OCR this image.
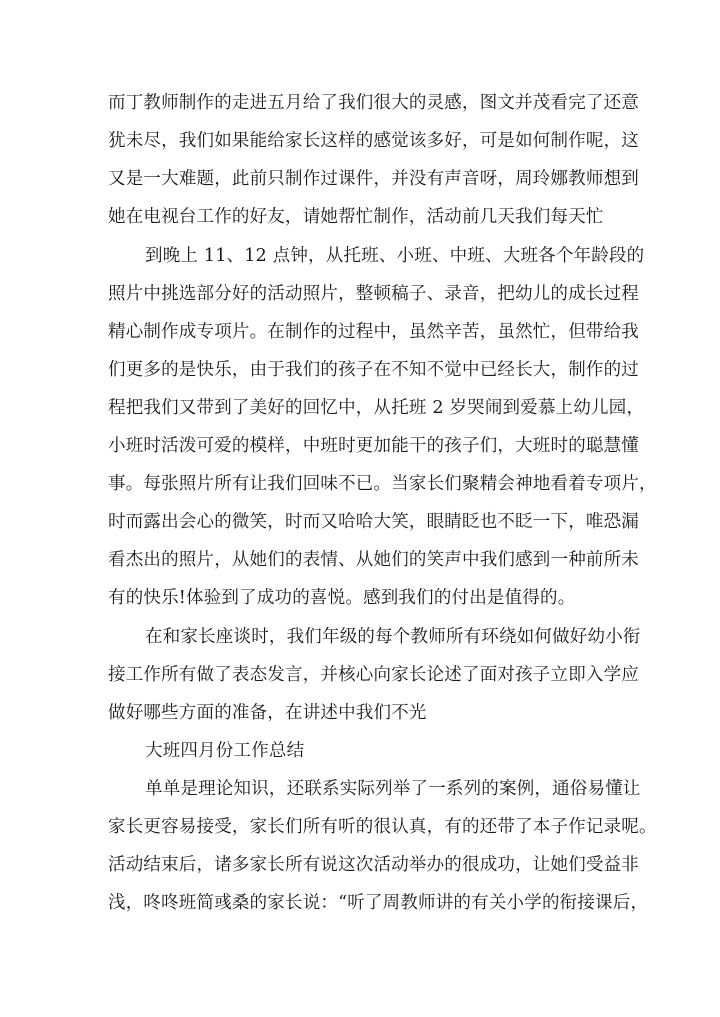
而丁教师制作的走进五月给了我们很大的灵感，图文并茂看完了还意
犹未尽，我们如果能给家长这样的感觉该多好，可是如何制作呢，这
又是一大难题，此前只制作过课件，并没有声音呀，周玲娜教师想到
她在电视台工作的好友，请她帮忙制作，活动前几天我们每天忙
到晚上 11、12 点钟，从托班、小班、中班、大班各个年龄段的
照片中挑选部分好的活动照片，整顿稿子、录音，把幼儿的成长过程
精心制作成专项片。在制作的过程中，虽然辛苦，虽然忙，但带给我
们更多的是快乐，由于我们的孩子在不知不觉中已经长大，制作的过
程把我们又带到了美好的回忆中，从托班 2 岁哭闹到爱慕上幼儿园，
小班时活泼可爱的模样，中班时更加能干的孩子们，大班时的聪慧懂
事。每张照片所有让我们回味不已。当家长们聚精会神地看着专项片，
时而露出会心的微笑，时而又哈哈大笑，眼睛眨也不眨一下，唯恐漏
看杰出的照片，从她们的表情、从她们的笑声中我们感到一种前所未
有的快乐!体验到了成功的喜悦。感到我们的付出是值得的。
在和家长座谈时，我们年级的每个教师所有环绕如何做好幼小衔
接工作所有做了表态发言，并核心向家长论述了面对孩子立即入学应
做好哪些方面的准备，在讲述中我们不光
大班四月份工作总结
单单是理论知识，还联系实际列举了一系列的案例，通俗易懂让
家长更容易接受，家长们所有听的很认真，有的还带了本子作记录呢。
活动结束后，诸多家长所有说这次活动举办的很成功，让她们受益非
浅，咚咚班简彧桑的家长说：“听了周教师讲的有关小学的衔接课后，
